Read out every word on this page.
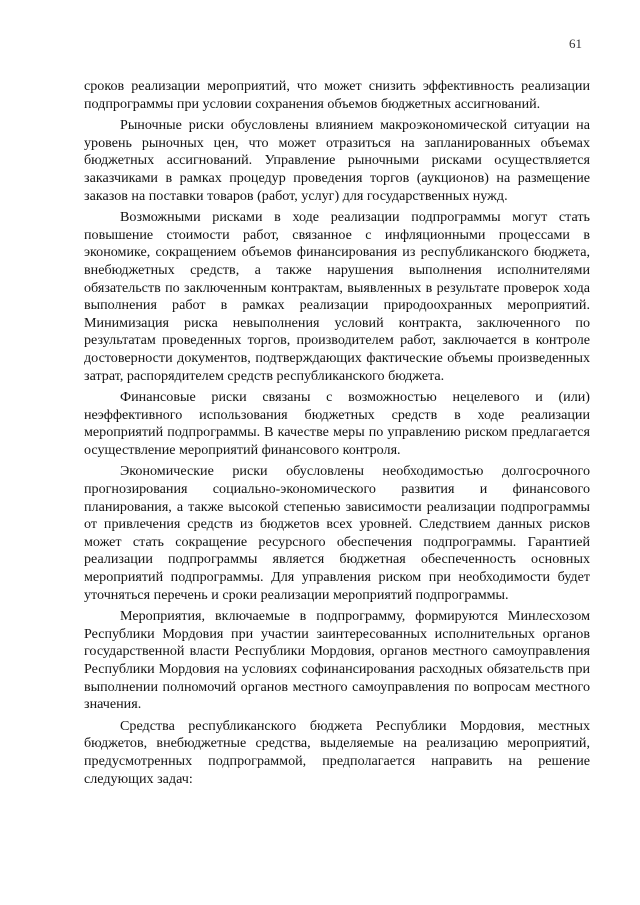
61

сроков реализации мероприятий, что может снизить эффективность реализации подпрограммы при условии сохранения объемов бюджетных ассигнований.

Рыночные риски обусловлены влиянием макроэкономической ситуации на уровень рыночных цен, что может отразиться на запланированных объемах бюджетных ассигнований. Управление рыночными рисками осуществляется заказчиками в рамках процедур проведения торгов (аукционов) на размещение заказов на поставки товаров (работ, услуг) для государственных нужд.

Возможными рисками в ходе реализации подпрограммы могут стать повышение стоимости работ, связанное с инфляционными процессами в экономике, сокращением объемов финансирования из республиканского бюджета, внебюджетных средств, а также нарушения выполнения исполнителями обязательств по заключенным контрактам, выявленных в результате проверок хода выполнения работ в рамках реализации природоохранных мероприятий. Минимизация риска невыполнения условий контракта, заключенного по результатам проведенных торгов, производителем работ, заключается в контроле достоверности документов, подтверждающих фактические объемы произведенных затрат, распорядителем средств республиканского бюджета.

Финансовые риски связаны с возможностью нецелевого и (или) неэффективного использования бюджетных средств в ходе реализации мероприятий подпрограммы. В качестве меры по управлению риском предлагается осуществление мероприятий финансового контроля.

Экономические риски обусловлены необходимостью долгосрочного прогнозирования социально-экономического развития и финансового планирования, а также высокой степенью зависимости реализации подпрограммы от привлечения средств из бюджетов всех уровней. Следствием данных рисков может стать сокращение ресурсного обеспечения подпрограммы. Гарантией реализации подпрограммы является бюджетная обеспеченность основных мероприятий подпрограммы. Для управления риском при необходимости будет уточняться перечень и сроки реализации мероприятий подпрограммы.

Мероприятия, включаемые в подпрограмму, формируются Минлесхозом Республики Мордовия при участии заинтересованных исполнительных органов государственной власти Республики Мордовия, органов местного самоуправления Республики Мордовия на условиях софинансирования расходных обязательств при выполнении полномочий органов местного самоуправления по вопросам местного значения.

Средства республиканского бюджета Республики Мордовия, местных бюджетов, внебюджетные средства, выделяемые на реализацию мероприятий, предусмотренных подпрограммой, предполагается направить на решение следующих задач:
